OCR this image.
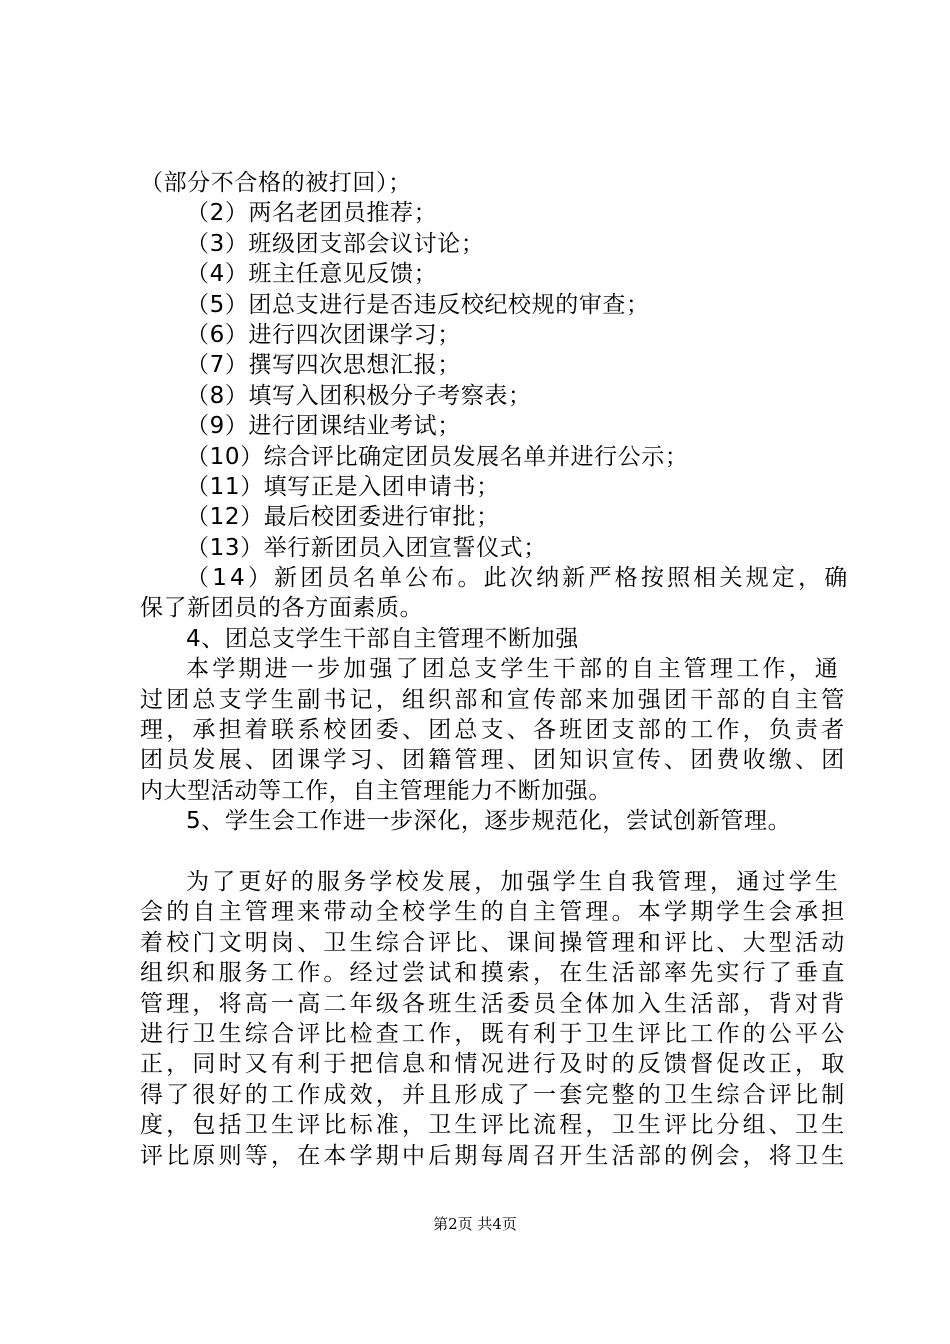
（部分不合格的被打回）；
（2）两名老团员推荐；
（3）班级团支部会议讨论；
（4）班主任意见反馈；
（5）团总支进行是否违反校纪校规的审查；
（6）进行四次团课学习；
（7）撰写四次思想汇报；
（8）填写入团积极分子考察表；
（9）进行团课结业考试；
（10）综合评比确定团员发展名单并进行公示；
（11）填写正是入团申请书；
（12）最后校团委进行审批；
（13）举行新团员入团宣誓仪式；
（14）新团员名单公布。此次纳新严格按照相关规定，确
保了新团员的各方面素质。
4、团总支学生干部自主管理不断加强
本学期进一步加强了团总支学生干部的自主管理工作，通
过团总支学生副书记，组织部和宣传部来加强团干部的自主管
理，承担着联系校团委、团总支、各班团支部的工作，负责者
团员发展、团课学习、团籍管理、团知识宣传、团费收缴、团
内大型活动等工作，自主管理能力不断加强。
5、学生会工作进一步深化，逐步规范化，尝试创新管理。
为了更好的服务学校发展，加强学生自我管理，通过学生
会的自主管理来带动全校学生的自主管理。本学期学生会承担
着校门文明岗、卫生综合评比、课间操管理和评比、大型活动
组织和服务工作。经过尝试和摸索，在生活部率先实行了垂直
管理，将高一高二年级各班生活委员全体加入生活部，背对背
进行卫生综合评比检查工作，既有利于卫生评比工作的公平公
正，同时又有利于把信息和情况进行及时的反馈督促改正，取
得了很好的工作成效，并且形成了一套完整的卫生综合评比制
度，包括卫生评比标准，卫生评比流程，卫生评比分组、卫生
评比原则等，在本学期中后期每周召开生活部的例会，将卫生
第2页 共4页
